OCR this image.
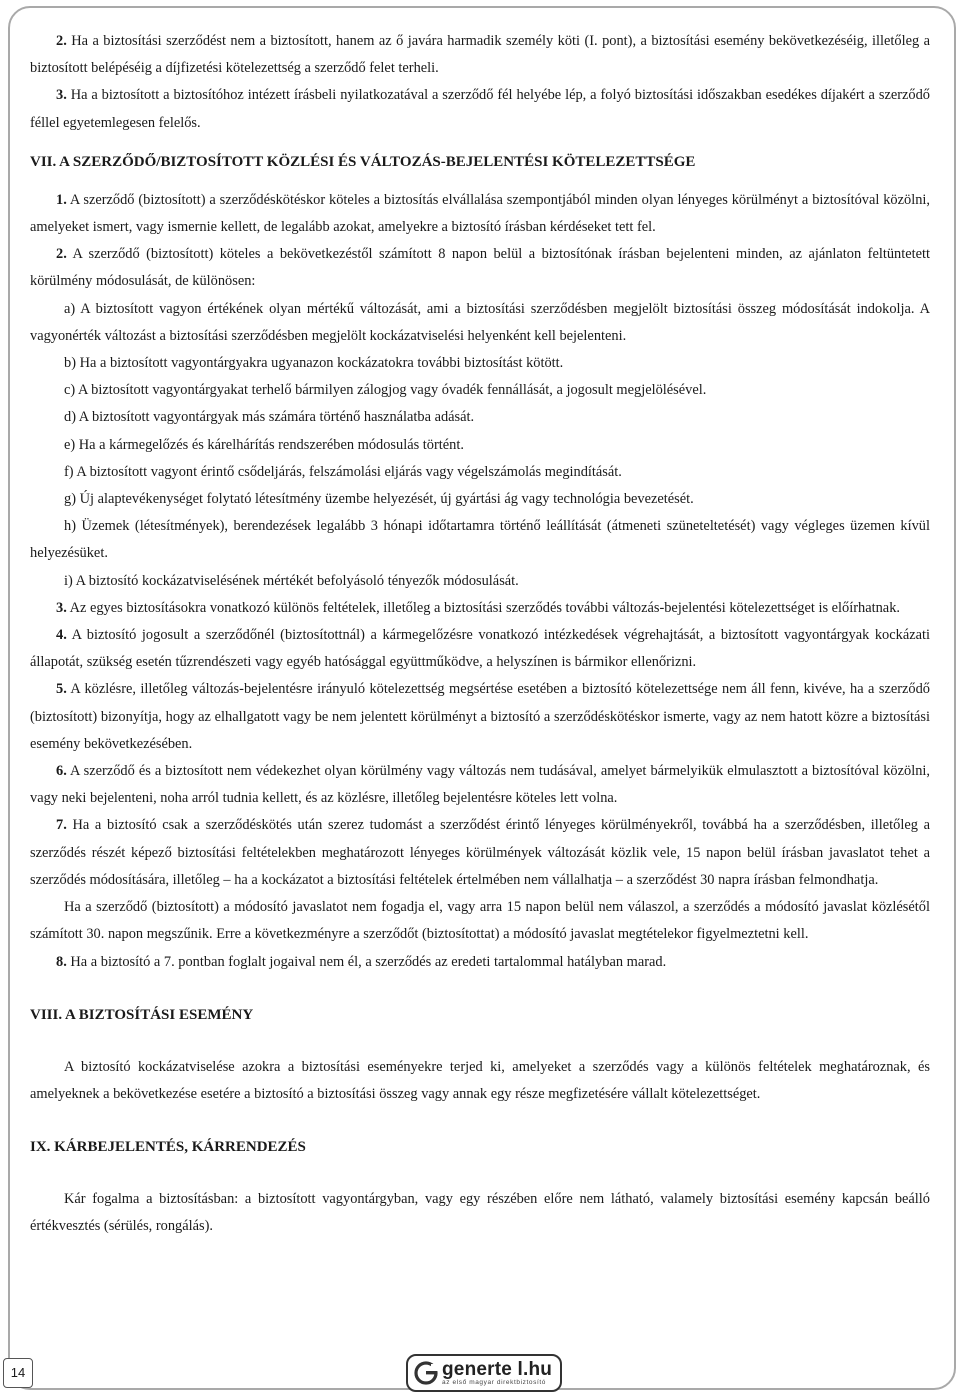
2. Ha a biztosítási szerződést nem a biztosított, hanem az ő javára harmadik személy köti (I. pont), a biztosítási esemény bekövetkezéséig, illetőleg a biztosított belépéséig a díjfizetési kötelezettség a szerződő felet terheli.

3. Ha a biztosított a biztosítóhoz intézett írásbeli nyilatkozatával a szerződő fél helyébe lép, a folyó biztosítási időszakban esedékes díjakért a szerződő féllel egyetemlegesen felelős.

VII. A SZERZŐDŐ/BIZTOSÍTOTT KÖZLÉSI ÉS VÁLTOZÁS-BEJELENTÉSI KÖTELEZETTSÉGE

1. A szerződő (biztosított) a szerződéskötéskor köteles a biztosítás elvállalása szempontjából minden olyan lényeges körülményt a biztosítóval közölni, amelyeket ismert, vagy ismernie kellett, de legalább azokat, amelyekre a biztosító írásban kérdéseket tett fel.

2. A szerződő (biztosított) köteles a bekövetkezéstől számított 8 napon belül a biztosítónak írásban bejelenteni minden, az ajánlaton feltüntetett körülmény módosulását, de különösen:

a) A biztosított vagyon értékének olyan mértékű változását, ami a biztosítási szerződésben megjelölt biztosítási összeg módosítását indokolja. A vagyonérték változást a biztosítási szerződésben megjelölt kockázatviselési helyenként kell bejelenteni.

b) Ha a biztosított vagyontárgyakra ugyanazon kockázatokra további biztosítást kötött.

c) A biztosított vagyontárgyakat terhelő bármilyen zálogjog vagy óvadék fennállását, a jogosult megjelölésével.

d) A biztosított vagyontárgyak más számára történő használatba adását.

e) Ha a kármegelőzés és kárelhárítás rendszerében módosulás történt.

f) A biztosított vagyont érintő csődeljárás, felszámolási eljárás vagy végelszámolás megindítását.

g) Új alaptevékenységet folytató létesítmény üzembe helyezését, új gyártási ág vagy technológia bevezetését.

h) Üzemek (létesítmények), berendezések legalább 3 hónapi időtartamra történő leállítását (átmeneti szüneteltetését) vagy végleges üzemen kívül helyezésüket.

i) A biztosító kockázatviselésének mértékét befolyásoló tényezők módosulását.

3. Az egyes biztosításokra vonatkozó különös feltételek, illetőleg a biztosítási szerződés további változás-bejelentési kötelezettséget is előírhatnak.

4. A biztosító jogosult a szerződőnél (biztosítottnál) a kármegelőzésre vonatkozó intézkedések végrehajtását, a biztosított vagyontárgyak kockázati állapotát, szükség esetén tűzrendészeti vagy egyéb hatósággal együttműködve, a helyszínen is bármikor ellenőrizni.

5. A közlésre, illetőleg változás-bejelentésre irányuló kötelezettség megsértése esetében a biztosító kötelezettsége nem áll fenn, kivéve, ha a szerződő (biztosított) bizonyítja, hogy az elhallgatott vagy be nem jelentett körülményt a biztosító a szerződéskötéskor ismerte, vagy az nem hatott közre a biztosítási esemény bekövetkezésében.

6. A szerződő és a biztosított nem védekezhet olyan körülmény vagy változás nem tudásával, amelyet bármelyikük elmulasztott a biztosítóval közölni, vagy neki bejelenteni, noha arról tudnia kellett, és az közlésre, illetőleg bejelentésre köteles lett volna.

7. Ha a biztosító csak a szerződéskötés után szerez tudomást a szerződést érintő lényeges körülményekről, továbbá ha a szerződésben, illetőleg a szerződés részét képező biztosítási feltételekben meghatározott lényeges körülmények változását közlik vele, 15 napon belül írásban javaslatot tehet a szerződés módosítására, illetőleg – ha a kockázatot a biztosítási feltételek értelmében nem vállalhatja – a szerződést 30 napra írásban felmondhatja.

Ha a szerződő (biztosított) a módosító javaslatot nem fogadja el, vagy arra 15 napon belül nem válaszol, a szerződés a módosító javaslat közlésétől számított 30. napon megszűnik. Erre a következményre a szerződőt (biztosítottat) a módosító javaslat megtételekor figyelmeztetni kell.

8. Ha a biztosító a 7. pontban foglalt jogaival nem él, a szerződés az eredeti tartalommal hatályban marad.

VIII. A BIZTOSÍTÁSI ESEMÉNY

A biztosító kockázatviselése azokra a biztosítási eseményekre terjed ki, amelyeket a szerződés vagy a különös feltételek meghatároznak, és amelyeknek a bekövetkezése esetére a biztosító a biztosítási összeg vagy annak egy része megfizetésére vállalt kötelezettséget.

IX. KÁRBEJELENTÉS, KÁRRENDEZÉS

Kár fogalma a biztosításban: a biztosított vagyontárgyban, vagy egy részében előre nem látható, valamely biztosítási esemény kapcsán beálló értékvesztés (sérülés, rongálás).

14	generte l.hu
az első magyar direktbiztosító
